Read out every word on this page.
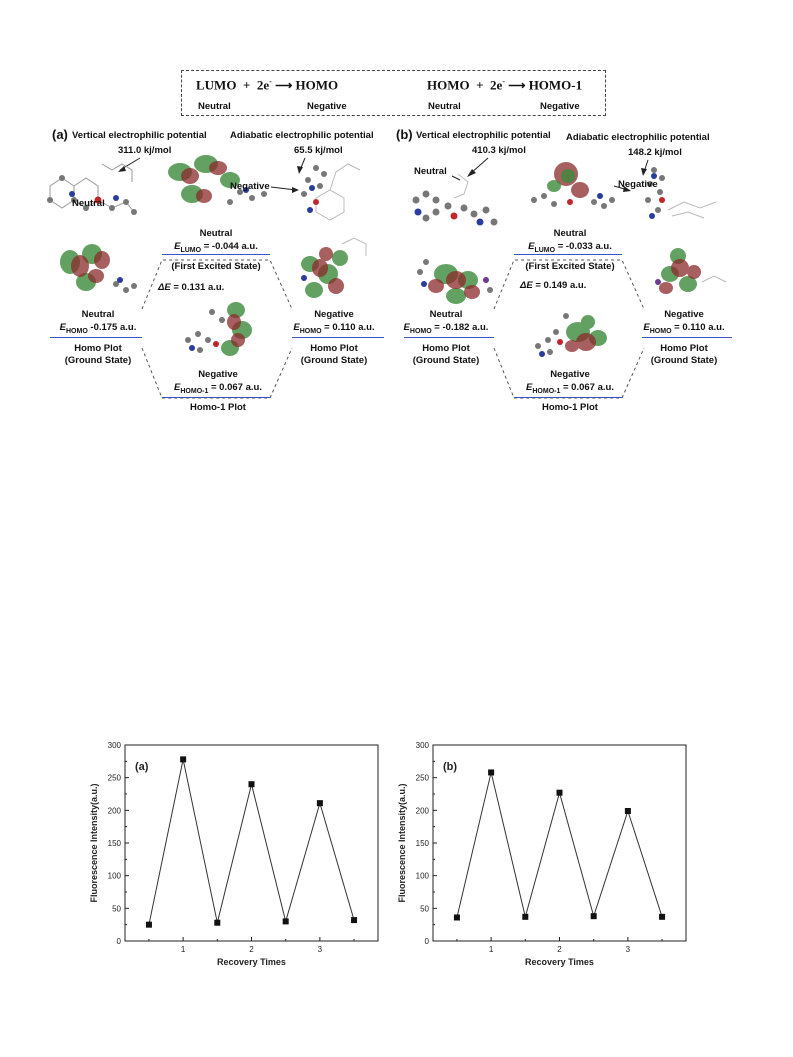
LUMO + 2e- ⟶ HOMO
Neutral	Negative
HOMO + 2e- ⟶ HOMO-1
Neutral	Negative
(a) Vertical electrophilic potential
311.0 kj/mol
Adiabatic electrophilic potential
65.5 kj/mol
Neutral
Neutral
$E_{LUMO} = -0.044$ a.u.
(First Excited State)
Negative
Neutral
$E_{HOMO}$ -0.175 a.u.
Homo Plot
(Ground State)
ΔE = 0.131 a.u.
Negative
$E_{HOMO-1} = 0.067$ a.u.
Homo-1 Plot
Negative
$E_{HOMO} = 0.110$ a.u.
Homo Plot
(Ground State)
(b) Vertical electrophilic potential
410.3 kj/mol
Adiabatic electrophilic potential
148.2 kj/mol
Neutral
Neutral
$E_{LUMO} = -0.033$ a.u.
(First Excited State)
Negative
Neutral
$E_{HOMO} = -0.182$ a.u.
Homo Plot
(Ground State)
ΔE = 0.149 a.u.
Negative
$E_{HOMO-1} = 0.067$ a.u.
Homo-1 Plot
Negative
$E_{HOMO} = 0.110$ a.u.
Homo Plot
(Ground State)
0
50
100
150
200
250
300
1	2	3
Recovery Times
Fluorescence Intensity(a.u.)
(a)
0
50
100
150
200
250
300
1	2	3
Recovery Times
Fluorescence Intensity(a.u.)
(b)
